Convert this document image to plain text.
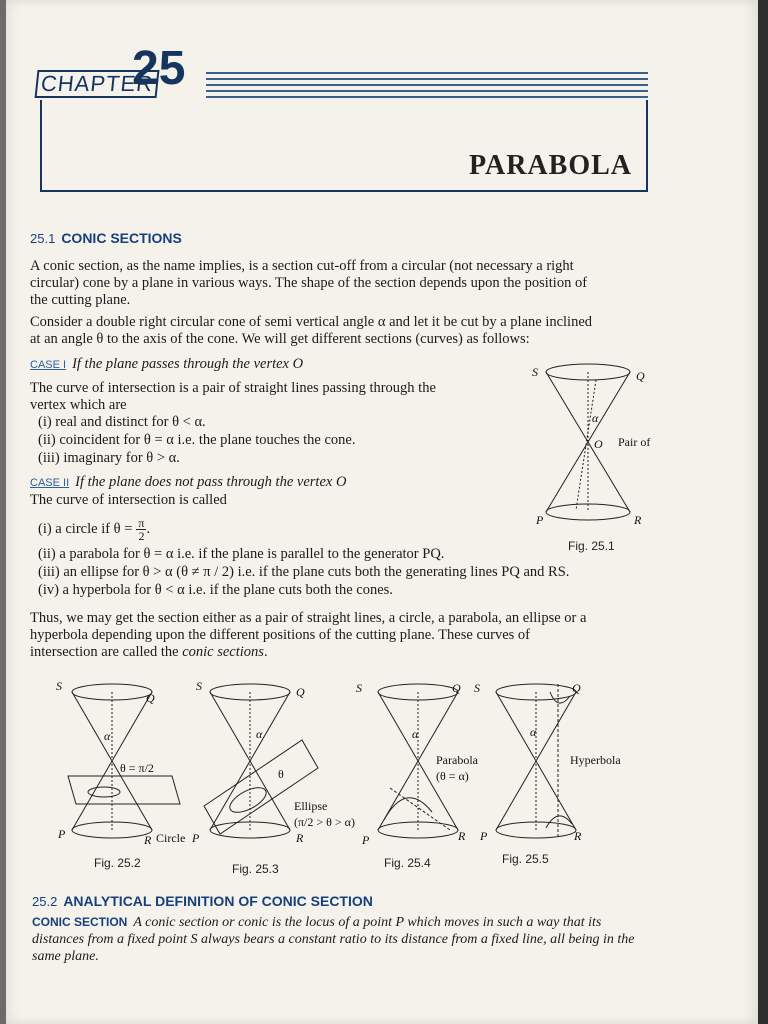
CHAPTER
25
PARABOLA
25.1 CONIC SECTIONS
A conic section, as the name implies, is a section cut-off from a circular (not necessary a right
circular) cone by a plane in various ways. The shape of the section depends upon the position of
the cutting plane.
Consider a double right circular cone of semi vertical angle α and let it be cut by a plane inclined
at an angle θ to the axis of the cone. We will get different sections (curves) as follows:
CASE I If the plane passes through the vertex O
The curve of intersection is a pair of straight lines passing through the
vertex which are
(i) real and distinct for θ < α.
(ii) coincident for θ = α i.e. the plane touches the cone.
(iii) imaginary for θ > α.
CASE II If the plane does not pass through the vertex O
The curve of intersection is called
(i) a circle if $\theta = \frac{\pi}{2}$ .
(ii) a parabola for θ = α i.e. if the plane is parallel to the generator PQ.
(iii) an ellipse for θ > α (θ ≠ π / 2) i.e. if the plane cuts both the generating lines PQ and RS.
(iv) a hyperbola for θ < α i.e. if the plane cuts both the cones.
S	Q
α
O Pair of
P	R
Fig. 25.1
Thus, we may get the section either as a pair of straight lines, a circle, a parabola, an ellipse or a
hyperbola depending upon the different positions of the cutting plane. These curves of
intersection are called the conic sections.
S
Q
α
θ = π/2
P	R Circle
Fig. 25.2
S	Q
α
θ
Ellipse
(π/2 > θ > α)
P	R
Fig. 25.3
S	Q
α
Parabola
(θ = α)
P	R
Fig. 25.4
S	Q
α
Hyperbola
P	R
Fig. 25.5
25.2 ANALYTICAL DEFINITION OF CONIC SECTION
CONIC SECTION A conic section or conic is the locus of a point P which moves in such a way that its
distances from a fixed point S always bears a constant ratio to its distance from a fixed line, all being in the
same plane.
